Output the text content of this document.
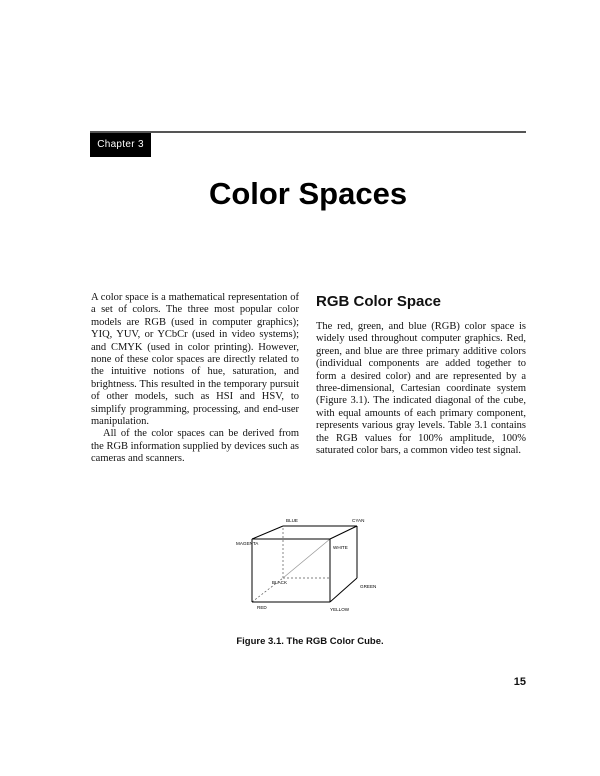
Chapter 3
Color Spaces

A color space is a mathematical representation of a set of colors. The three most popular color models are RGB (used in computer graphics); YIQ, YUV, or YCbCr (used in video systems); and CMYK (used in color printing). However, none of these color spaces are directly related to the intuitive notions of hue, saturation, and brightness. This resulted in the temporary pursuit of other models, such as HSI and HSV, to simplify programming, processing, and end-user manipulation.

All of the color spaces can be derived from the RGB information supplied by devices such as cameras and scanners.

RGB Color Space

The red, green, and blue (RGB) color space is widely used throughout computer graphics. Red, green, and blue are three primary additive colors (individual components are added together to form a desired color) and are represented by a three-dimensional, Cartesian coordinate system (Figure 3.1). The indicated diagonal of the cube, with equal amounts of each primary component, represents various gray levels. Table 3.1 contains the RGB values for 100% amplitude, 100% saturated color bars, a common video test signal.

BLUE	CYAN
MAGENTA
WHITE
BLACK
GREEN
RED	YELLOW
Figure 3.1. The RGB Color Cube.
15
